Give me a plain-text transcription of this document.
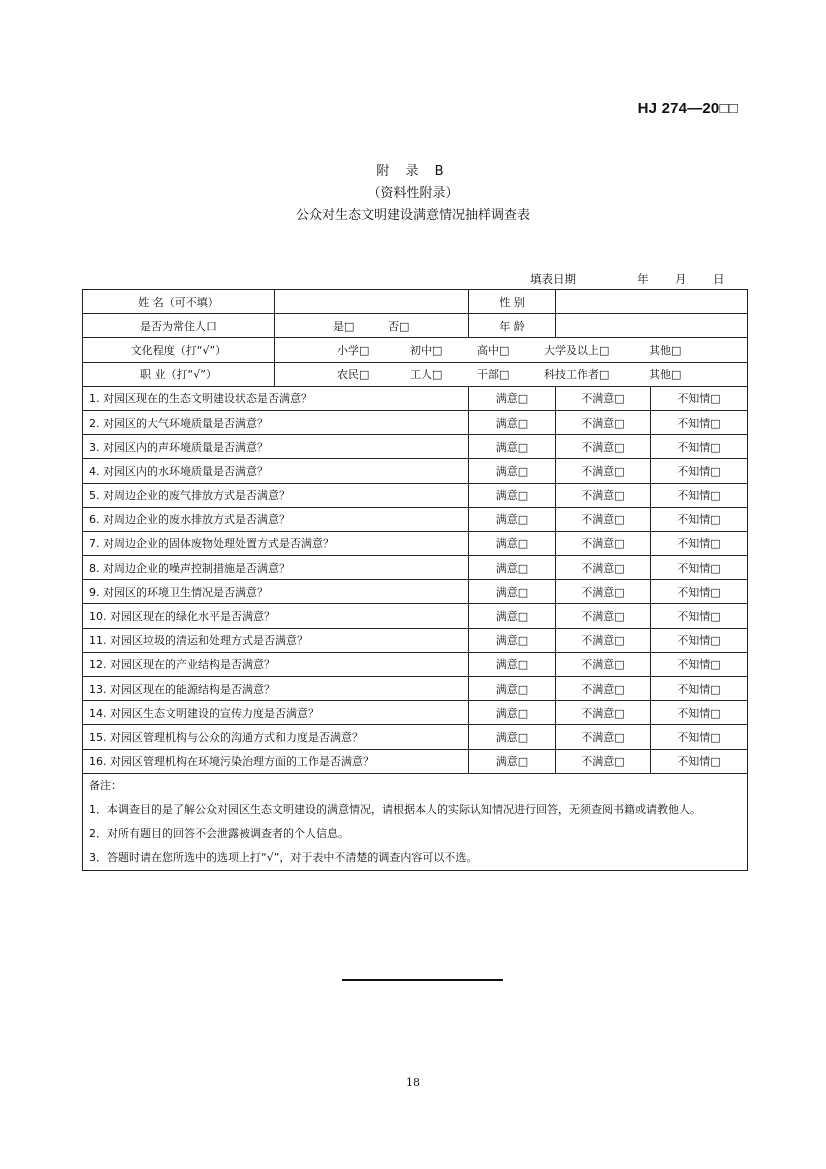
HJ 274—20□□
附 录 B
（资料性附录）
公众对生态文明建设满意情况抽样调查表
填表日期	年 月 日
姓 名（可不填）		性 别		
是否为常住人口	是□ 否□	年 龄		
文化程度（打“√”）	小学□ 初中□ 高中□ 大学及以上□ 其他□			

职 业（打“√”）	农民□ 工人□ 干部□ 科技工作者□ 其他□			

1. 对园区现在的生态文明建设状态是否满意？		满意□	不满意□	不知情□
2. 对园区的大气环境质量是否满意？		满意□	不满意□	不知情□
3. 对园区内的声环境质量是否满意？		满意□	不满意□	不知情□
4. 对园区内的水环境质量是否满意？		满意□	不满意□	不知情□
5. 对周边企业的废气排放方式是否满意？		满意□	不满意□	不知情□
6. 对周边企业的废水排放方式是否满意？		满意□	不满意□	不知情□
7. 对周边企业的固体废物处理处置方式是否满意？		满意□	不满意□	不知情□
8. 对周边企业的噪声控制措施是否满意？		满意□	不满意□	不知情□
9. 对园区的环境卫生情况是否满意？		满意□	不满意□	不知情□
10. 对园区现在的绿化水平是否满意？		满意□	不满意□	不知情□
11. 对园区垃圾的清运和处理方式是否满意？		满意□	不满意□	不知情□
12. 对园区现在的产业结构是否满意？		满意□	不满意□	不知情□
13. 对园区现在的能源结构是否满意？		满意□	不满意□	不知情□
14. 对园区生态文明建设的宣传力度是否满意？		满意□	不满意□	不知情□
15. 对园区管理机构与公众的沟通方式和力度是否满意？		满意□	不满意□	不知情□
16. 对园区管理机构在环境污染治理方面的工作是否满意？		满意□	不满意□	不知情□

备注：
1．本调查目的是了解公众对园区生态文明建设的满意情况，请根据本人的实际认知情况进行回答，无须查阅书籍或请教他人。
2．对所有题目的回答不会泄露被调查者的个人信息。
3．答题时请在您所选中的选项上打“√”，对于表中不清楚的调查内容可以不选。				
18
